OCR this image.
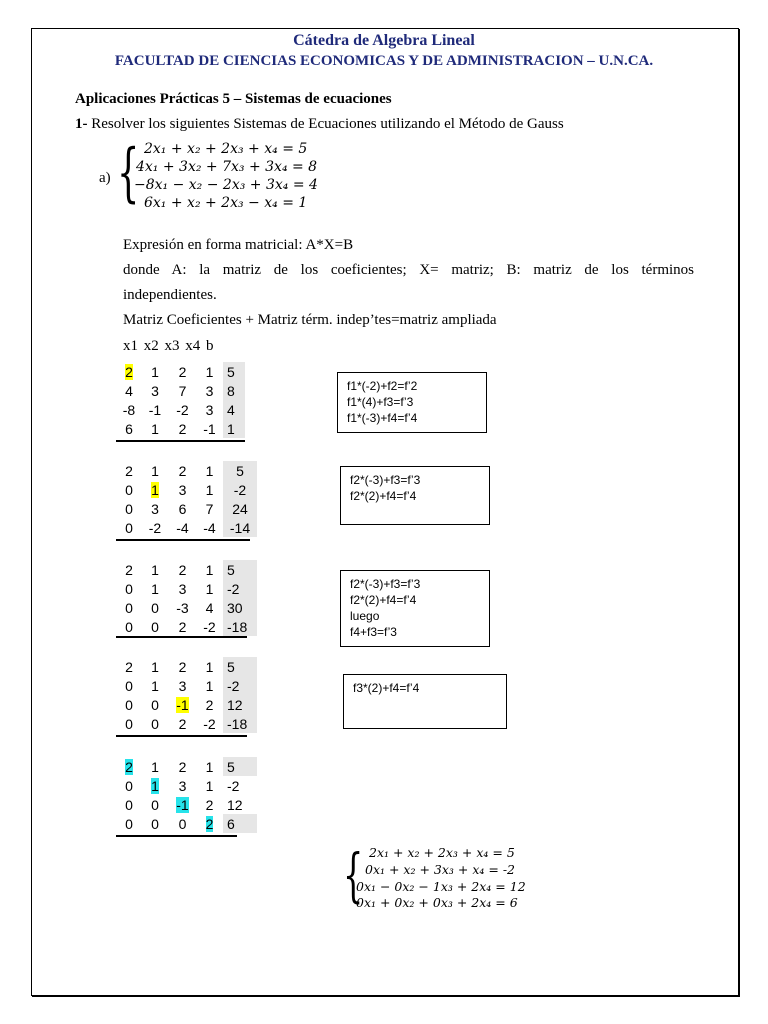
Cátedra de Algebra Lineal
FACULTAD DE CIENCIAS ECONOMICAS Y DE ADMINISTRACION – U.N.CA.
Aplicaciones Prácticas 5 – Sistemas de ecuaciones
1- Resolver los siguientes Sistemas de Ecuaciones utilizando el Método de Gauss
a) { 2x₁ + x₂ + 2x₃ + x₄ = 5
4x₁ + 3x₂ + 7x₃ + 3x₄ = 8
−8x₁ − x₂ − 2x₃ + 3x₄ = 4
6x₁ + x₂ + 2x₃ − x₄ = 1
Expresión en forma matricial: A*X=B
donde A: la matriz de los coeficientes; X= matriz; B: matriz de los términos
independientes.
Matriz Coeficientes + Matriz térm. indep’tes=matriz ampliada
x1 x2 x3 x4 b
2	1	2	1	5
4	3	7	3	8
-8	-1	-2	3	4
6	1	2	-1	1
f1*(-2)+f2=f’2
f1*(4)+f3=f’3
f1*(-3)+f4=f’4
2	1	2	1	5
0	1	3	1	-2
0	3	6	7	24
0	-2	-4	-4	-14
f2*(-3)+f3=f’3
f2*(2)+f4=f’4
2	1	2	1	5
0	1	3	1	-2
0	0	-3	4	30
0	0	2	-2	-18
f2*(-3)+f3=f’3
f2*(2)+f4=f’4
luego
f4+f3=f’3
2	1	2	1	5
0	1	3	1	-2
0	0	-1	2	12
0	0	2	-2	-18
f3*(2)+f4=f’4
2	1	2	1	5
0	1	3	1	-2
0	0	-1	2	12
0	0	0	2	6
{ 2x₁ + x₂ + 2x₃ + x₄ = 5
0x₁ + x₂ + 3x₃ + x₄ = -2
0x₁ − 0x₂ − 1x₃ + 2x₄ = 12
0x₁ + 0x₂ + 0x₃ + 2x₄ = 6
